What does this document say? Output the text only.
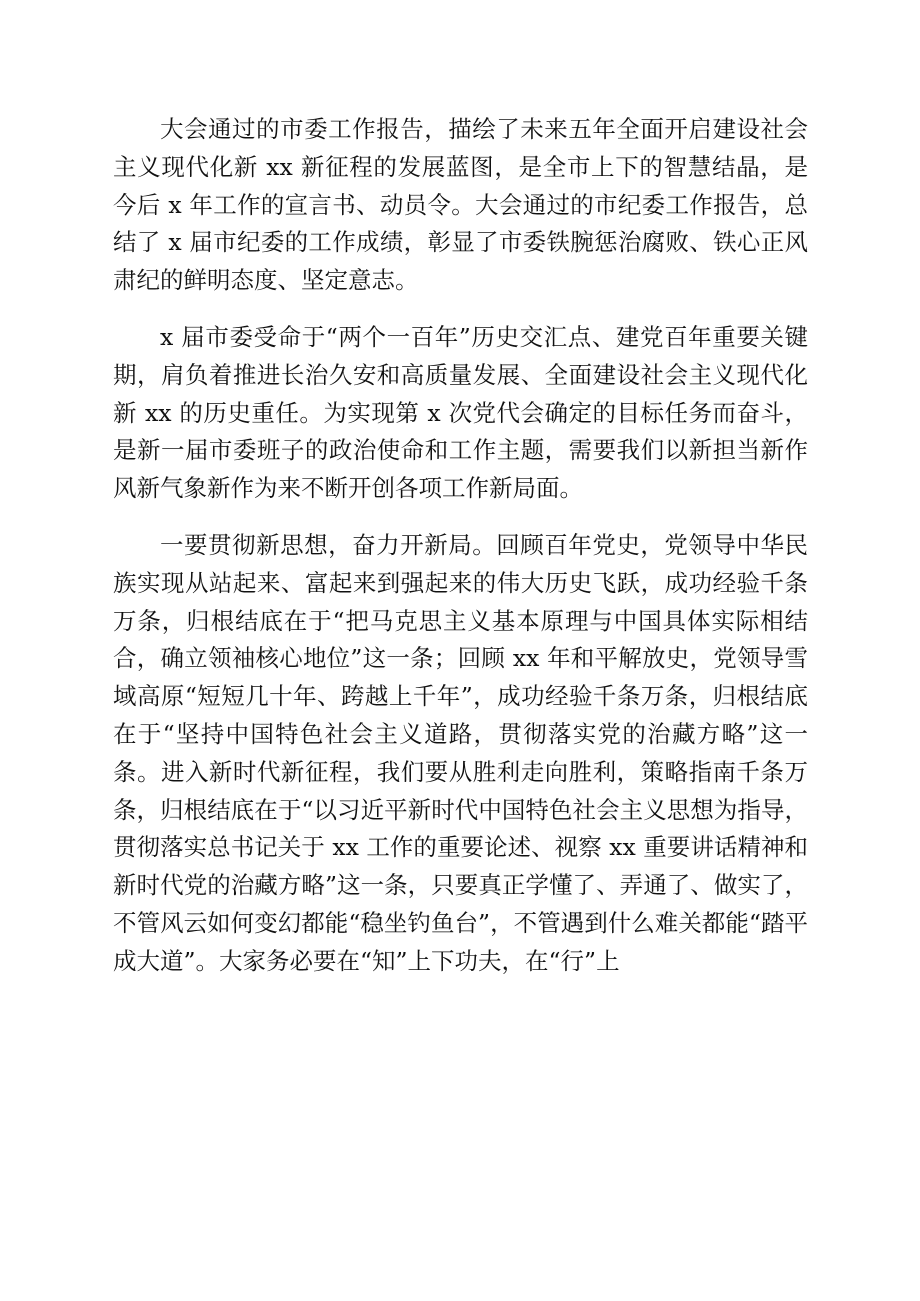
大会通过的市委工作报告，描绘了未来五年全面开启建设社会主义现代化新 xx 新征程的发展蓝图，是全市上下的智慧结晶，是今后 x 年工作的宣言书、动员令。大会通过的市纪委工作报告，总结了 x 届市纪委的工作成绩，彰显了市委铁腕惩治腐败、铁心正风肃纪的鲜明态度、坚定意志。

x 届市委受命于“两个一百年”历史交汇点、建党百年重要关键期，肩负着推进长治久安和高质量发展、全面建设社会主义现代化新 xx 的历史重任。为实现第 x 次党代会确定的目标任务而奋斗，是新一届市委班子的政治使命和工作主题，需要我们以新担当新作风新气象新作为来不断开创各项工作新局面。

一要贯彻新思想，奋力开新局。回顾百年党史，党领导中华民族实现从站起来、富起来到强起来的伟大历史飞跃，成功经验千条万条，归根结底在于“把马克思主义基本原理与中国具体实际相结合，确立领袖核心地位”这一条；回顾 xx 年和平解放史，党领导雪域高原“短短几十年、跨越上千年”，成功经验千条万条，归根结底在于“坚持中国特色社会主义道路，贯彻落实党的治藏方略”这一条。进入新时代新征程，我们要从胜利走向胜利，策略指南千条万条，归根结底在于“以习近平新时代中国特色社会主义思想为指导，贯彻落实总书记关于 xx 工作的重要论述、视察 xx 重要讲话精神和新时代党的治藏方略”这一条，只要真正学懂了、弄通了、做实了，不管风云如何变幻都能“稳坐钓鱼台”，不管遇到什么难关都能“踏平成大道”。大家务必要在“知”上下功夫，在“行”上
